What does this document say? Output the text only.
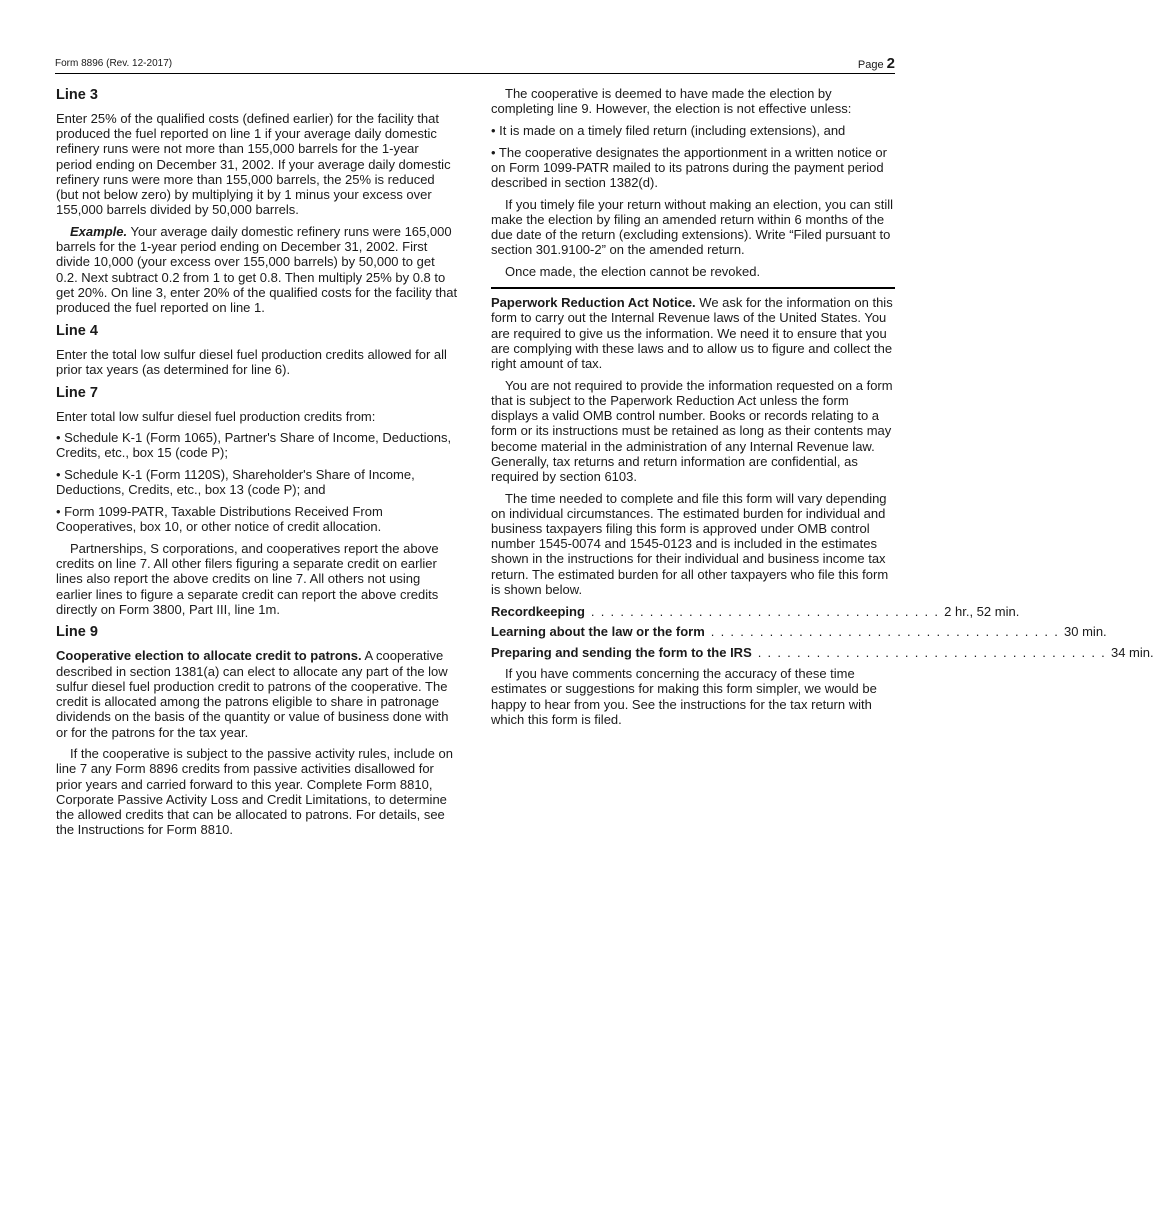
Form 8896 (Rev. 12-2017)	Page 2
Line 3

Enter 25% of the qualified costs (defined earlier) for the facility that produced the fuel reported on line 1 if your average daily domestic refinery runs were not more than 155,000 barrels for the 1-year period ending on December 31, 2002. If your average daily domestic refinery runs were more than 155,000 barrels, the 25% is reduced (but not below zero) by multiplying it by 1 minus your excess over 155,000 barrels divided by 50,000 barrels.

Example. Your average daily domestic refinery runs were 165,000 barrels for the 1-year period ending on December 31, 2002. First divide 10,000 (your excess over 155,000 barrels) by 50,000 to get 0.2. Next subtract 0.2 from 1 to get 0.8. Then multiply 25% by 0.8 to get 20%. On line 3, enter 20% of the qualified costs for the facility that produced the fuel reported on line 1.

Line 4

Enter the total low sulfur diesel fuel production credits allowed for all prior tax years (as determined for line 6).

Line 7

Enter total low sulfur diesel fuel production credits from:

• Schedule K-1 (Form 1065), Partner's Share of Income, Deductions, Credits, etc., box 15 (code P);

• Schedule K-1 (Form 1120S), Shareholder's Share of Income, Deductions, Credits, etc., box 13 (code P); and

• Form 1099-PATR, Taxable Distributions Received From Cooperatives, box 10, or other notice of credit allocation.

Partnerships, S corporations, and cooperatives report the above credits on line 7. All other filers figuring a separate credit on earlier lines also report the above credits on line 7. All others not using earlier lines to figure a separate credit can report the above credits directly on Form 3800, Part III, line 1m.

Line 9

Cooperative election to allocate credit to patrons. A cooperative described in section 1381(a) can elect to allocate any part of the low sulfur diesel fuel production credit to patrons of the cooperative. The credit is allocated among the patrons eligible to share in patronage dividends on the basis of the quantity or value of business done with or for the patrons for the tax year.

If the cooperative is subject to the passive activity rules, include on line 7 any Form 8896 credits from passive activities disallowed for prior years and carried forward to this year. Complete Form 8810, Corporate Passive Activity Loss and Credit Limitations, to determine the allowed credits that can be allocated to patrons. For details, see the Instructions for Form 8810.

The cooperative is deemed to have made the election by completing line 9. However, the election is not effective unless:

• It is made on a timely filed return (including extensions), and

• The cooperative designates the apportionment in a written notice or on Form 1099-PATR mailed to its patrons during the payment period described in section 1382(d).

If you timely file your return without making an election, you can still make the election by filing an amended return within 6 months of the due date of the return (excluding extensions). Write “Filed pursuant to section 301.9100-2” on the amended return.

Once made, the election cannot be revoked.

Paperwork Reduction Act Notice. We ask for the information on this form to carry out the Internal Revenue laws of the United States. You are required to give us the information. We need it to ensure that you are complying with these laws and to allow us to figure and collect the right amount of tax.

You are not required to provide the information requested on a form that is subject to the Paperwork Reduction Act unless the form displays a valid OMB control number. Books or records relating to a form or its instructions must be retained as long as their contents may become material in the administration of any Internal Revenue law. Generally, tax returns and return information are confidential, as required by section 6103.

The time needed to complete and file this form will vary depending on individual circumstances. The estimated burden for individual and business taxpayers filing this form is approved under OMB control number 1545-0074 and 1545-0123 and is included in the estimates shown in the instructions for their individual and business income tax return. The estimated burden for all other taxpayers who file this form is shown below.

Recordkeeping .................................... 2 hr., 52 min.
Learning about the law or the form .................................... 30 min.
Preparing and sending the form to the IRS .................................... 34 min.

If you have comments concerning the accuracy of these time estimates or suggestions for making this form simpler, we would be happy to hear from you. See the instructions for the tax return with which this form is filed.
